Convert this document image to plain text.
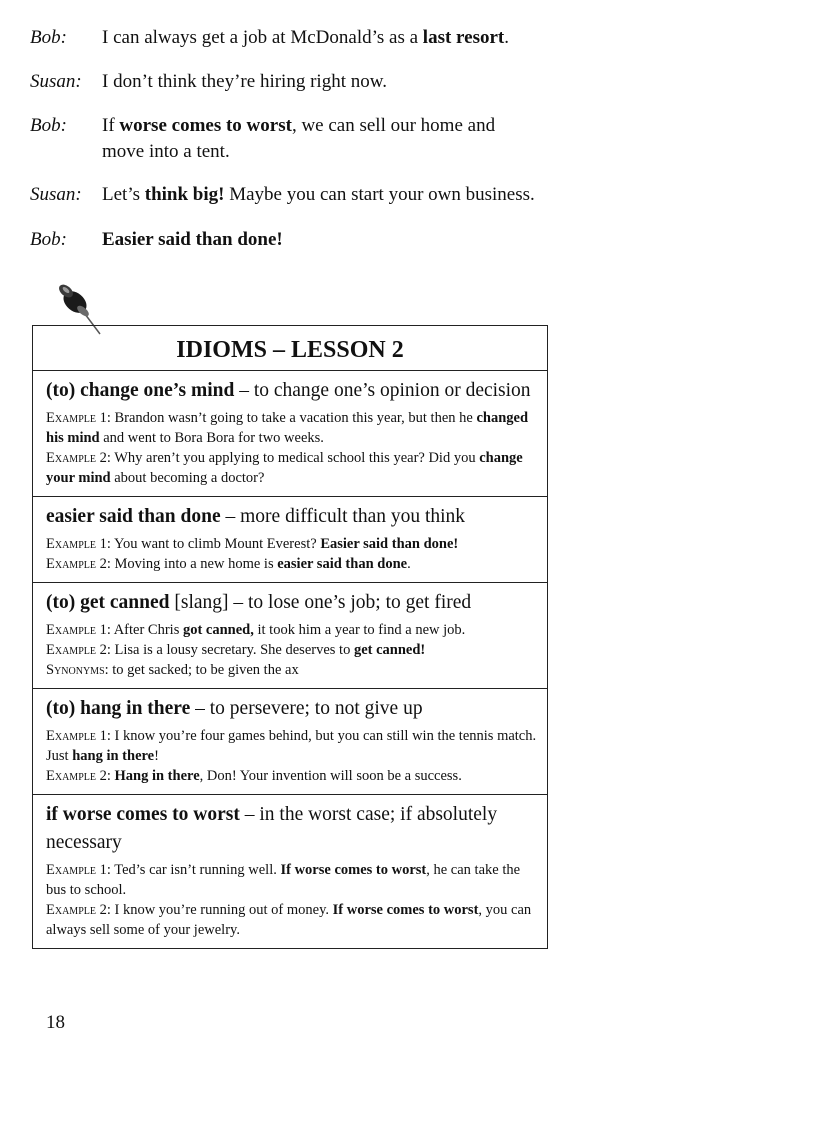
Bob:	I can always get a job at McDonald’s as a last resort.
Susan:	I don’t think they’re hiring right now.
Bob:	If worse comes to worst, we can sell our home and move into a tent.
Susan:	Let’s think big! Maybe you can start your own business.
Bob:	Easier said than done!
IDIOMS – LESSON 2
(to) change one’s mind – to change one’s opinion or decision
Example 1: Brandon wasn’t going to take a vacation this year, but then he changed his mind and went to Bora Bora for two weeks.
Example 2: Why aren’t you applying to medical school this year? Did you change your mind about becoming a doctor?
easier said than done – more difficult than you think
Example 1: You want to climb Mount Everest? Easier said than done!
Example 2: Moving into a new home is easier said than done.
(to) get canned [slang] – to lose one’s job; to get fired
Example 1: After Chris got canned, it took him a year to find a new job.
Example 2: Lisa is a lousy secretary. She deserves to get canned!
Synonyms: to get sacked; to be given the ax
(to) hang in there – to persevere; to not give up
Example 1: I know you’re four games behind, but you can still win the tennis match. Just hang in there!
Example 2: Hang in there, Don! Your invention will soon be a success.
if worse comes to worst – in the worst case; if absolutely necessary
Example 1: Ted’s car isn’t running well. If worse comes to worst, he can take the bus to school.
Example 2: I know you’re running out of money. If worse comes to worst, you can always sell some of your jewelry.
18
